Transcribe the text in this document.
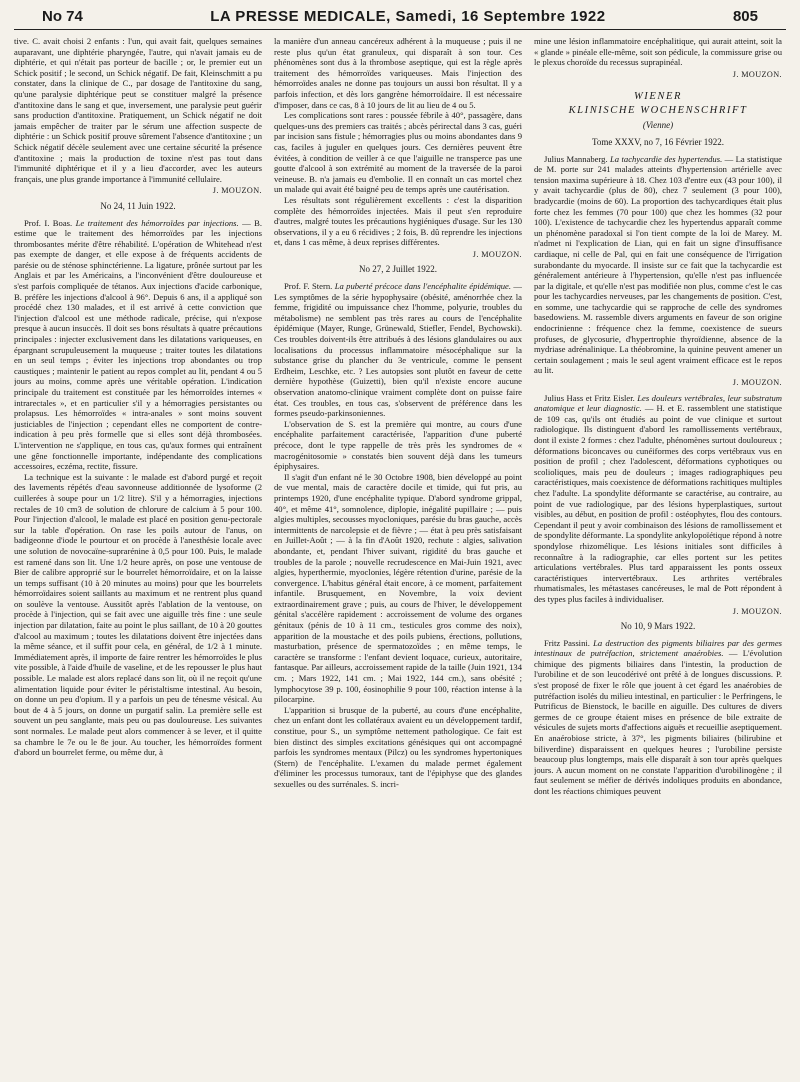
No 74	LA PRESSE MEDICALE, Samedi, 16 Septembre 1922	805

tive. C. avait choisi 2 enfants : l'un, qui avait fait, quelques semaines auparavant, une diphtérie pharyngée, l'autre, qui n'avait jamais eu de diphtérie, et qui n'était pas porteur de bacille ; or, le premier eut un Schick positif ; le second, un Schick négatif. De fait, Kleinschmitt a pu constater, dans la clinique de C., par dosage de l'antitoxine du sang, qu'une paralysie diphtérique peut se constituer malgré la présence d'antitoxine dans le sang et que, inversement, une paralysie peut guérir sans production d'antitoxine. Pratiquement, un Schick négatif ne doit jamais empêcher de traiter par le sérum une affection suspecte de diphtérie : un Schick positif prouve sûrement l'absence d'antitoxine ; un Schick négatif décèle seulement avec une certaine sécurité la présence d'antitoxine ; mais la production de toxine n'est pas tout dans l'immunité diphtérique et il y a lieu d'accorder, avec les auteurs français, une plus grande importance à l'immunité cellulaire.

J. MOUZON.
No 24, 11 Juin 1922.

Prof. I. Boas. Le traitement des hémorroïdes par injections. — B. estime que le traitement des hémorroïdes par les injections thrombosantes mérite d'être réhabilité. L'opération de Whitehead n'est pas exempte de danger, et elle expose à de fréquents accidents de parésie ou de sténose sphinctérienne. La ligature, prônée surtout par les Anglais et par les Américains, a l'inconvénient d'être douloureuse et s'est parfois compliquée de tétanos. Aux injections d'acide carbonique, B. préfère les injections d'alcool à 96°. Depuis 6 ans, il a appliqué son procédé chez 130 malades, et il est arrivé à cette conviction que l'injection d'alcool est une méthode radicale, précise, qui n'expose presque à aucun insuccès. Il doit ses bons résultats à quatre précautions principales : injecter exclusivement dans les dilatations variqueuses, en épargnant scrupuleusement la muqueuse ; traiter toutes les dilatations en un seul temps ; éviter les injections trop abondantes ou trop caustiques ; maintenir le patient au repos complet au lit, pendant 4 ou 5 jours au moins, comme après une véritable opération. L'indication principale du traitement est constituée par les hémorroïdes internes « intrarectales », et en particulier s'il y a hémorragies persistantes ou prolapsus. Les hémorroïdes « intra-anales » sont moins souvent justiciables de l'injection ; cependant elles ne comportent de contre-indication à peu près formelle que si elles sont déjà thrombosées. L'intervention ne s'applique, en tous cas, qu'aux formes qui entraînent une gêne fonctionnelle importante, indépendante des complications accessoires, eczéma, rectite, fissure.

La technique est la suivante : le malade est d'abord purgé et reçoit des lavements répétés d'eau savonneuse additionnée de lysoforme (2 cuillerées à soupe pour un 1/2 litre). S'il y a hémorragies, injections rectales de 10 cm3 de solution de chlorure de calcium à 5 pour 100. Pour l'injection d'alcool, le malade est placé en position genu-pectorale sur la table d'opération. On rase les poils autour de l'anus, on badigeonne d'iode le pourtour et on procède à l'anesthésie locale avec une solution de novocaïne-suprarénine à 0,5 pour 100. Puis, le malade est ramené dans son lit. Une 1/2 heure après, on pose une ventouse de Bier de calibre approprié sur le bourrelet hémorroïdaire, et on la laisse un temps suffisant (10 à 20 minutes au moins) pour que les bourrelets hémorroïdaires soient saillants au maximum et ne rentrent plus quand on soulève la ventouse. Aussitôt après l'ablation de la ventouse, on procède à l'injection, qui se fait avec une aiguille très fine : une seule injection par dilatation, faite au point le plus saillant, de 10 à 20 gouttes d'alcool au maximum ; toutes les dilatations doivent être injectées dans la même séance, et il suffit pour cela, en général, de 1/2 à 1 minute. Immédiatement après, il importe de faire rentrer les hémorroïdes le plus vite possible, à l'aide d'huile de vaseline, et de les repousser le plus haut possible. Le malade est alors replacé dans son lit, où il ne reçoit qu'une alimentation liquide pour éviter le péristaltisme intestinal. Au besoin, on donne un peu d'opium. Il y a parfois un peu de ténesme vésical. Au bout de 4 à 5 jours, on donne un purgatif salin. La première selle est souvent un peu sanglante, mais peu ou pas douloureuse. Les suivantes sont normales. Le malade peut alors commencer à se lever, et il quitte sa chambre le 7e ou le 8e jour. Au toucher, les hémorroïdes forment d'abord un bourrelet ferme, ou même dur, à

la manière d'un anneau cancéreux adhérent à la muqueuse ; puis il ne reste plus qu'un état granuleux, qui disparaît à son tour. Ces phénomènes sont dus à la thrombose aseptique, qui est la règle après traitement des hémorroïdes variqueuses. Mais l'injection des hémorroïdes anales ne donne pas toujours un aussi bon résultat. Il y a parfois infection, et dès lors gangrène hémorroïdaire. Il est nécessaire d'imposer, dans ce cas, 8 à 10 jours de lit au lieu de 4 ou 5.

Les complications sont rares : poussée fébrile à 40°, passagère, dans quelques-uns des premiers cas traités ; abcès périrectal dans 3 cas, guéri par incision sans fistule ; hémorragies plus ou moins abondantes dans 9 cas, faciles à juguler en quelques jours. Ces dernières peuvent être évitées, à condition de veiller à ce que l'aiguille ne transperce pas une goutte d'alcool à son extrémité au moment de la traversée de la paroi veineuse. B. n'a jamais eu d'embolie. Il en connaît un cas mortel chez un malade qui avait été baigné peu de temps après une cautérisation.

Les résultats sont régulièrement excellents : c'est la disparition complète des hémorroïdes injectées. Mais il peut s'en reproduire d'autres, malgré toutes les précautions hygiéniques d'usage. Sur les 130 observations, il y a eu 6 récidives ; 2 fois, B. dû reprendre les injections et, dans 1 cas même, à deux reprises différentes.

J. MOUZON.
No 27, 2 Juillet 1922.

Prof. F. Stern. La puberté précoce dans l'encéphalite épidémique. — Les symptômes de la série hypophysaire (obésité, aménorrhée chez la femme, frigidité ou impuissance chez l'homme, polyurie, troubles du métabolisme) ne semblent pas très rares au cours de l'encéphalite épidémique (Mayer, Runge, Grünewald, Stiefler, Fendel, Bychowski). Ces troubles doivent-ils être attribués à des lésions glandulaires ou aux localisations du processus inflammatoire mésocéphalique sur la substance grise du plancher du 3e ventricule, comme le pensent Erdheim, Leschke, etc. ? Les autopsies sont plutôt en faveur de cette dernière hypothèse (Guizetti), bien qu'il n'existe encore aucune observation anatomo-clinique vraiment complète dont on puisse faire état. Ces troubles, en tous cas, s'observent de préférence dans les formes pseudo-parkinsoniennes.

L'observation de S. est la première qui montre, au cours d'une encéphalite parfaitement caractérisée, l'apparition d'une puberté précoce, dont le type rappelle de très près les syndromes de « macrogénitosomie » constatés bien souvent déjà dans les tumeurs épiphysaires.

Il s'agit d'un enfant né le 30 Octobre 1908, bien développé au point de vue mental, mais de caractère docile et timide, qui fut pris, au printemps 1920, d'une encéphalite typique. D'abord syndrome grippal, 40°, et même 41°, somnolence, diplopie, inégalité pupillaire ; — puis algies multiples, secousses myocloniques, parésie du bras gauche, accès intermittents de narcolepsie et de fièvre ; — état à peu près satisfaisant en Juillet-Août ; — à la fin d'Août 1920, rechute : algies, salivation abondante, et, pendant l'hiver suivant, rigidité du bras gauche et troubles de la parole ; nouvelle recrudescence en Mai-Juin 1921, avec algies, hyperthermie, myoclonies, légère rétention d'urine, parésie de la convergence. L'habitus général était encore, à ce moment, parfaitement infantile. Brusquement, en Novembre, la voix devient extraordinairement grave ; puis, au cours de l'hiver, le développement génital s'accélère rapidement : accroissement de volume des organes génitaux (pénis de 10 à 11 cm., testicules gros comme des noix), apparition de la moustache et des poils pubiens, érections, pollutions, masturbation, présence de spermatozoïdes ; en même temps, le caractère se transforme : l'enfant devient loquace, curieux, autoritaire, fantasque. Par ailleurs, accroissement rapide de la taille (Juin 1921, 134 cm. ; Mars 1922, 141 cm. ; Mai 1922, 144 cm.), sans obésité ; lymphocytose 39 p. 100, éosinophilie 9 pour 100, réaction intense à la pilocarpine.

L'apparition si brusque de la puberté, au cours d'une encéphalite, chez un enfant dont les collatéraux avaient eu un développement tardif, constitue, pour S., un symptôme nettement pathologique. Ce fait est bien distinct des simples excitations génésiques qui ont accompagné parfois les syndromes mentaux (Pilcz) ou les syndromes hypertoniques (Stern) de l'encéphalite. L'examen du malade permet également d'éliminer les processus tumoraux, tant de l'épiphyse que des glandes sexuelles ou des surrénales. S. incri-

mine une lésion inflammatoire encéphalitique, qui aurait atteint, soit la « glande » pinéale elle-même, soit son pédicule, la commissure grise ou le plexus choroïde du recessus suprapinéal.

J. MOUZON.
WIENER
KLINISCHE WOCHENSCHRIFT
(Vienne)
Tome XXXV, no 7, 16 Février 1922.

Julius Mannaberg. La tachycardie des hypertendus. — La statistique de M. porte sur 241 malades atteints d'hypertension artérielle avec tension maxima supérieure à 18. Chez 103 d'entre eux (43 pour 100), il y avait tachycardie (plus de 80), chez 7 seulement (3 pour 100), bradycardie (moins de 60). La proportion des tachycardiques était plus forte chez les femmes (70 pour 100) que chez les hommes (32 pour 100). L'existence de tachycardie chez les hypertendus apparaît comme un phénomène paradoxal si l'on tient compte de la loi de Marey. M. n'admet ni l'explication de Lian, qui en fait un signe d'insuffisance cardiaque, ni celle de Pal, qui en fait une conséquence de l'irrigation surabondante du myocarde. Il insiste sur ce fait que la tachycardie est généralement antérieure à l'hypertension, qu'elle n'est pas influencée par la digitale, et qu'elle n'est pas modifiée non plus, comme c'est le cas pour les tachycardies nerveuses, par les changements de position. C'est, en somme, une tachycardie qui se rapproche de celle des syndromes basedowiens. M. rassemble divers arguments en faveur de son origine endocrinienne : fréquence chez la femme, coexistence de sueurs profuses, de glycosurie, d'hypertrophie thyroïdienne, absence de la mydriase adrénalinique. La théobromine, la quinine peuvent amener un certain soulagement ; mais le seul agent vraiment efficace est le repos au lit.

J. MOUZON.

Julius Hass et Fritz Eisler. Les douleurs vertébrales, leur substratum anatomique et leur diagnostic. — H. et E. rassemblent une statistique de 109 cas, qu'ils ont étudiés au point de vue clinique et surtout radiologique. Ils distinguent d'abord les ramollissements vertébraux, dont il existe 2 formes : chez l'adulte, phénomènes surtout douloureux ; déformations biconcaves ou cunéiformes des corps vertébraux vus en position de profil ; chez l'adolescent, déformations cyphotiques ou scolioliques, mais peu de douleurs ; images radiographiques peu caractéristiques, mais coexistence de déformations rachitiques multiples chez l'adulte. La spondylite déformante se caractérise, au contraire, au point de vue radiologique, par des lésions hyperplastiques, surtout visibles, au début, en position de profil : ostéophytes, flou des contours. Cependant il peut y avoir combinaison des lésions de ramollissement et de spondylite déformante. La spondylite ankylopoïétique répond à notre spondylose rhizomélique. Les lésions initiales sont difficiles à reconnaître à la radiographie, car elles portent sur les petites articulations vertébrales. Plus tard apparaissent les ponts osseux caractéristiques intervertébraux. Les arthrites vertébrales rhumatismales, les métastases cancéreuses, le mal de Pott répondent à des types plus faciles à individualiser.

J. MOUZON.
No 10, 9 Mars 1922.

Fritz Passini. La destruction des pigments biliaires par des germes intestinaux de putréfaction, strictement anaérobies. — L'évolution chimique des pigments biliaires dans l'intestin, la production de l'urobiline et de son leucodérivé ont prêté à de longues discussions. P. s'est proposé de fixer le rôle que jouent à cet égard les anaérobies de putréfaction isolés du milieu intestinal, en particulier : le Perfringens, le Putrificus de Bienstock, le bacille en aiguille. Des cultures de divers germes de ce groupe étaient mises en présence de bile extraite de vésicules de sujets morts d'affections aiguës et recueillie aseptiquement. En anaérobiose stricte, à 37°, les pigments biliaires (bilirubine et biliverdine) disparaissent en quelques heures ; l'urobiline persiste beaucoup plus longtemps, mais elle disparaît à son tour après quelques jours. A aucun moment on ne constate l'apparition d'urobilinogène ; il faut seulement se méfier de dérivés indoliques produits en abondance, dont les réactions chimiques peuvent
